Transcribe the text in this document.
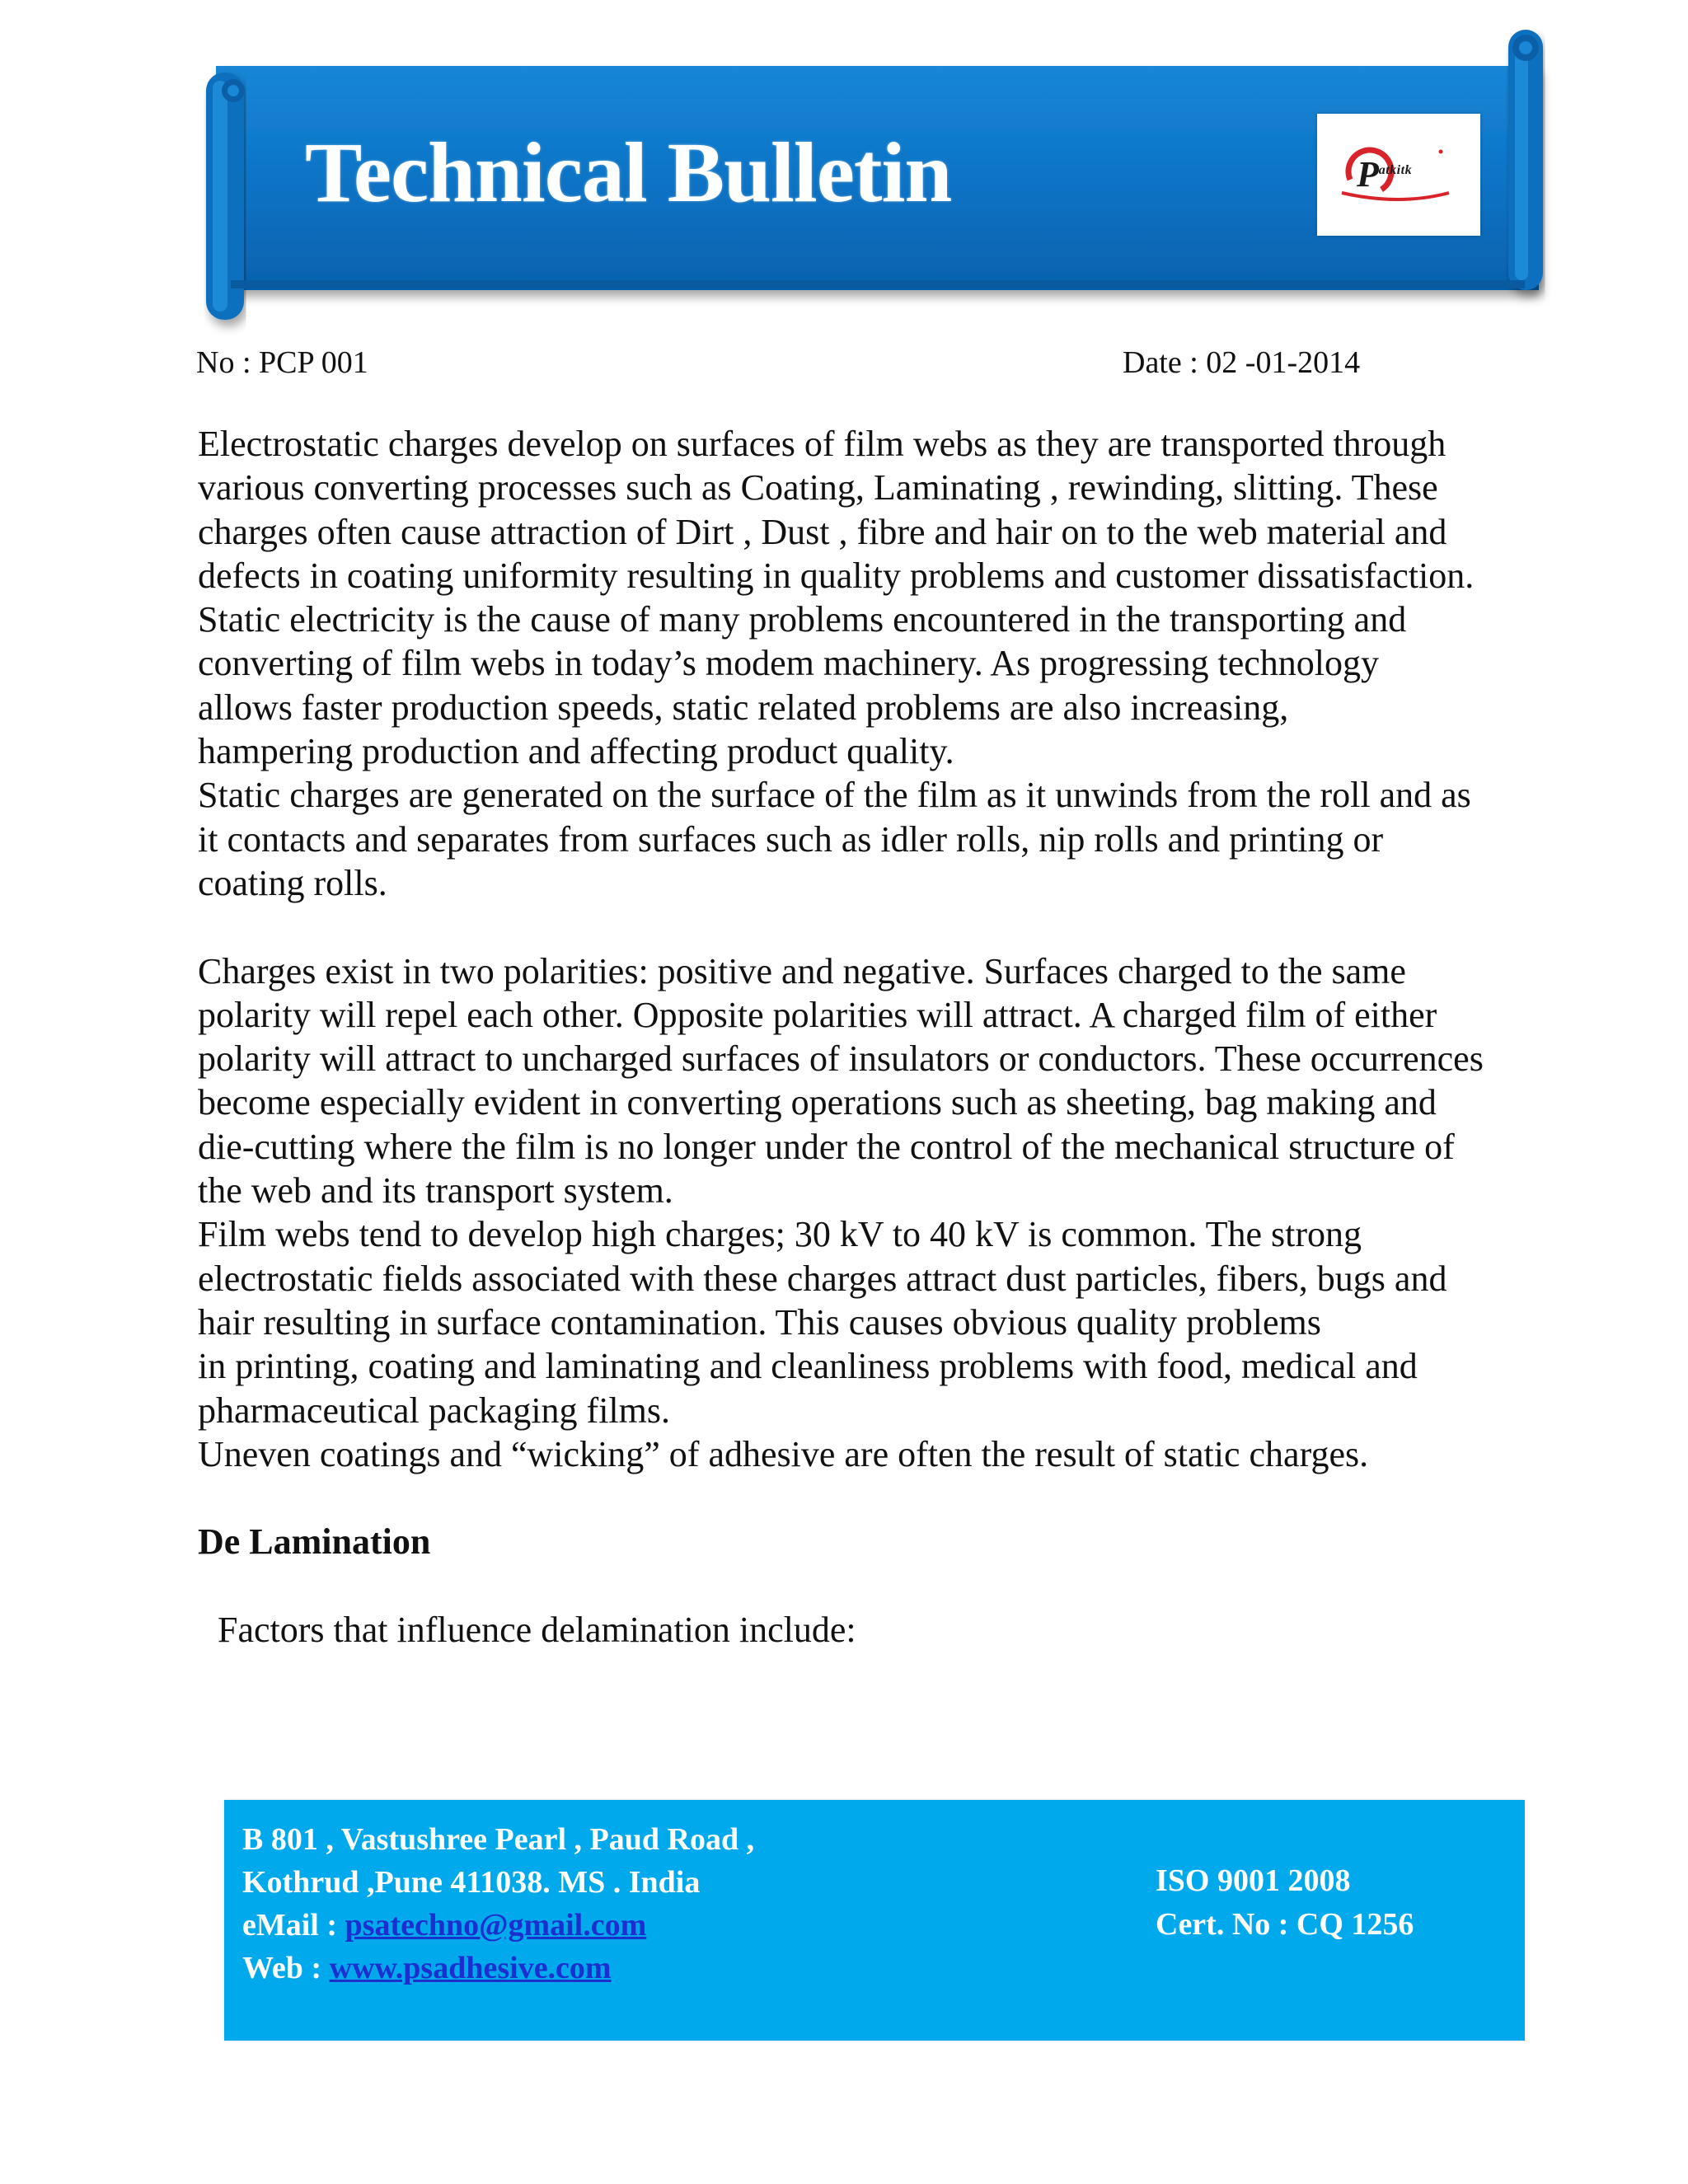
Technical Bulletin	P
ratkitk
No : PCP 001	Date : 02 -01-2014

Electrostatic charges develop on surfaces of film webs as they are transported through

various converting processes such as Coating, Laminating , rewinding, slitting. These

charges often cause attraction of Dirt , Dust , fibre and hair on to the web material and

defects in coating uniformity resulting in quality problems and customer dissatisfaction.

Static electricity is the cause of many problems encountered in the transporting and

converting of film webs in today’s modem machinery. As progressing technology

allows faster production speeds, static related problems are also increasing,

hampering production and affecting product quality.

Static charges are generated on the surface of the film as it unwinds from the roll and as

it contacts and separates from surfaces such as idler rolls, nip rolls and printing or

coating rolls.

Charges exist in two polarities: positive and negative. Surfaces charged to the same

polarity will repel each other. Opposite polarities will attract. A charged film of either

polarity will attract to uncharged surfaces of insulators or conductors. These occurrences

become especially evident in converting operations such as sheeting, bag making and

die-cutting where the film is no longer under the control of the mechanical structure of

the web and its transport system.

Film webs tend to develop high charges; 30 kV to 40 kV is common. The strong

electrostatic fields associated with these charges attract dust particles, fibers, bugs and

hair resulting in surface contamination. This causes obvious quality problems

in printing, coating and laminating and cleanliness problems with food, medical and

pharmaceutical packaging films.

Uneven coatings and “wicking” of adhesive are often the result of static charges.

De Lamination

Factors that influence delamination include:

B 801 , Vastushree Pearl , Paud Road ,
Kothrud ,Pune 411038. MS . India
eMail : psatechno@gmail.com
Web : www.psadhesive.com
ISO 9001 2008
Cert. No : CQ 1256
